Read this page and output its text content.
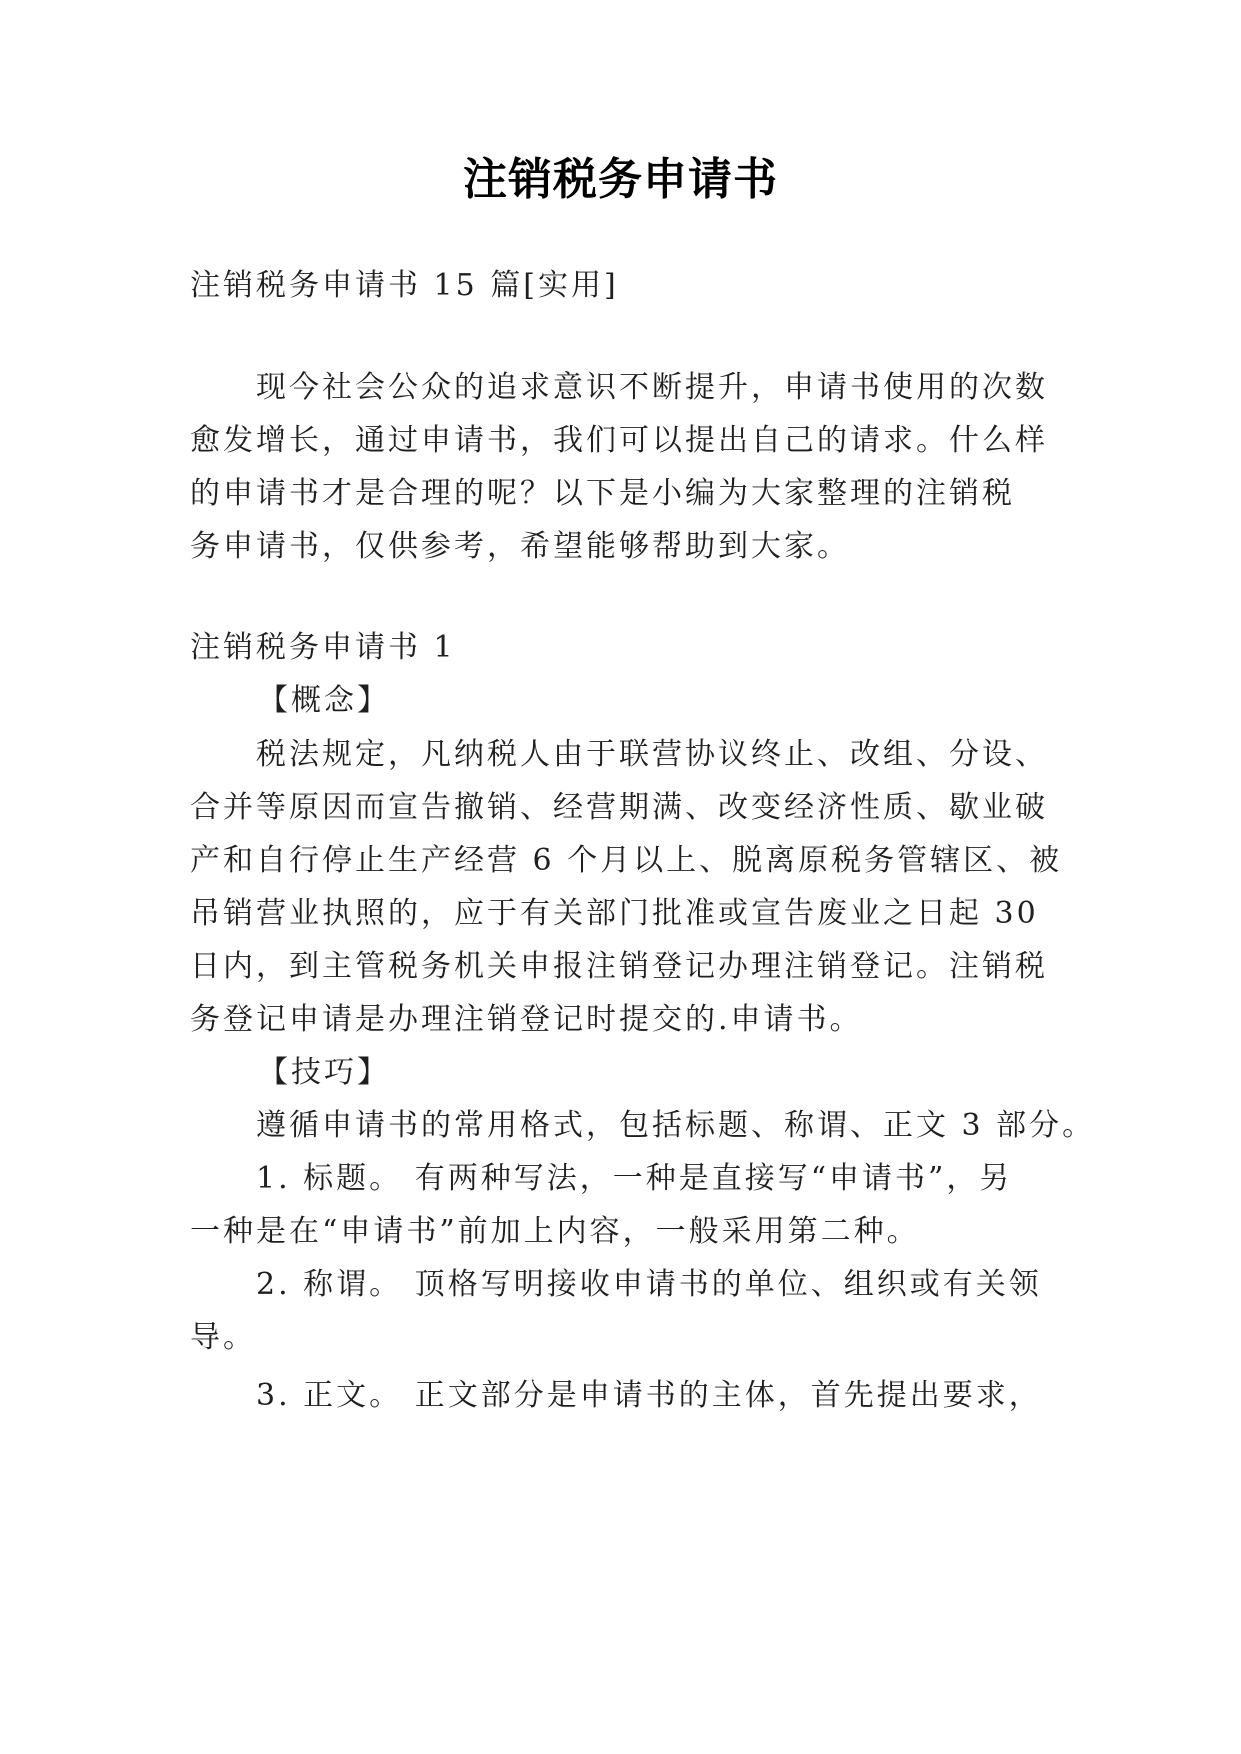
注销税务申请书
注销税务申请书 15 篇[实用]
现今社会公众的追求意识不断提升，申请书使用的次数
愈发增长，通过申请书，我们可以提出自己的请求。什么样
的申请书才是合理的呢？以下是小编为大家整理的注销税
务申请书，仅供参考，希望能够帮助到大家。
注销税务申请书 1
【概念】
税法规定，凡纳税人由于联营协议终止、改组、分设、
合并等原因而宣告撤销、经营期满、改变经济性质、歇业破
产和自行停止生产经营 6 个月以上、脱离原税务管辖区、被
吊销营业执照的，应于有关部门批准或宣告废业之日起 30
日内，到主管税务机关申报注销登记办理注销登记。注销税
务登记申请是办理注销登记时提交的.申请书。
【技巧】
遵循申请书的常用格式，包括标题、称谓、正文 3 部分。
1. 标题。 有两种写法，一种是直接写“申请书”，另
一种是在“申请书”前加上内容，一般采用第二种。
2. 称谓。 顶格写明接收申请书的单位、组织或有关领
导。
3. 正文。 正文部分是申请书的主体，首先提出要求，
